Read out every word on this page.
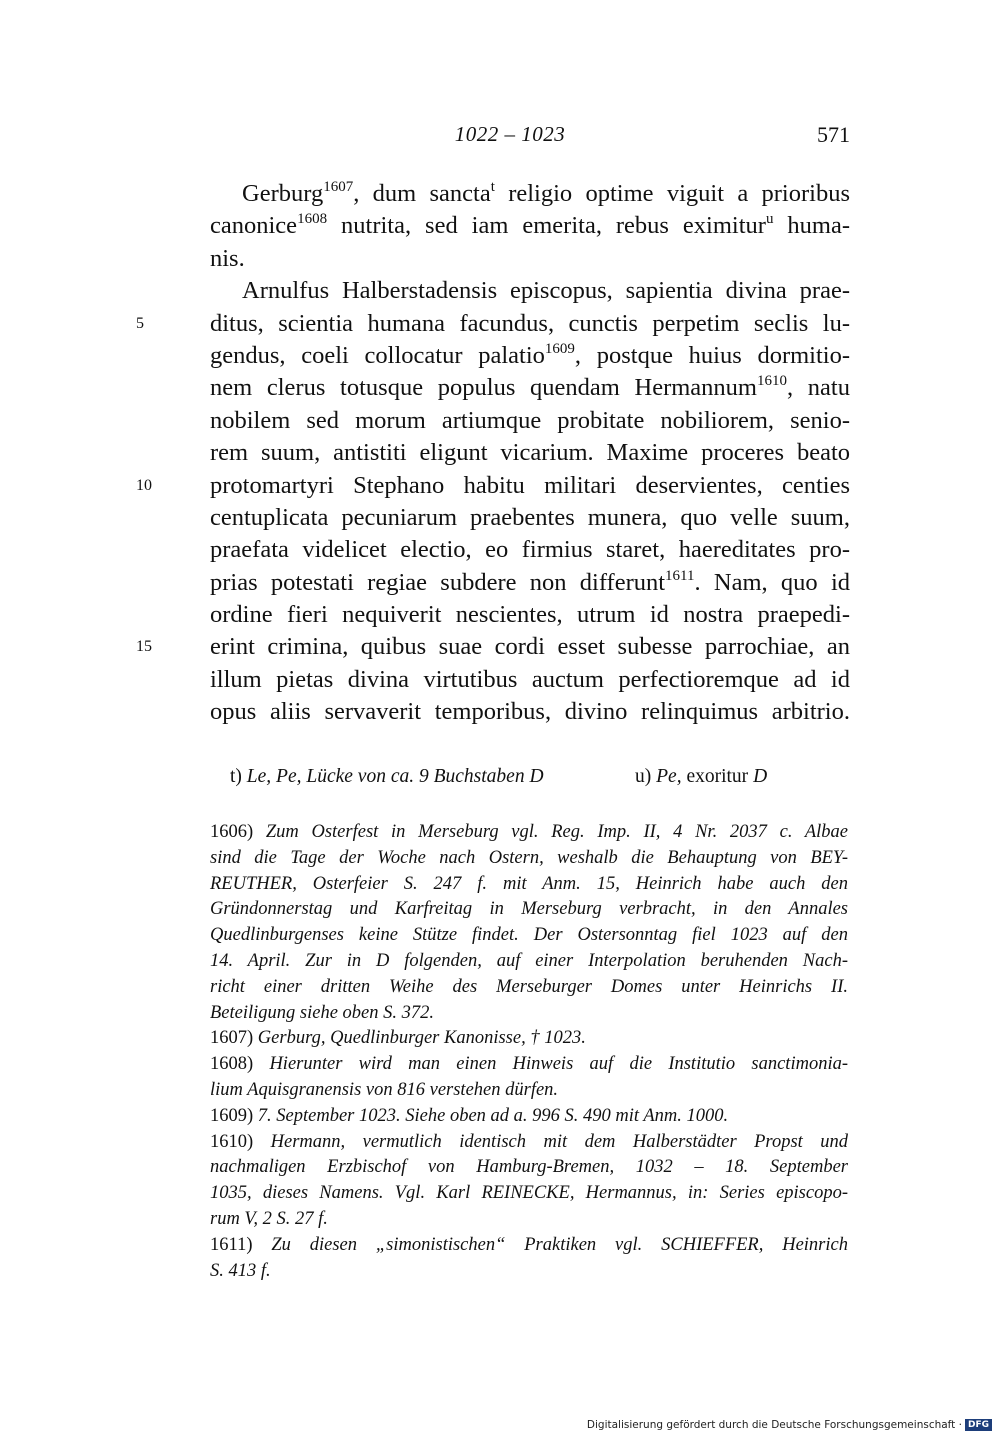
1022 – 1023	571
Gerburg$^{1607}$, dum sancta$^t$ religio optime viguit a prioribus
canonice$^{1608}$ nutrita, sed iam emerita, rebus eximitur$^u$ huma-
nis.
Arnulfus Halberstadensis episcopus, sapientia divina prae-
5	ditus, scientia humana facundus, cunctis perpetim seclis lu-
gendus, coeli collocatur palatio$^{1609}$, postque huius dormitio-
nem clerus totusque populus quendam Hermannum$^{1610}$, natu
nobilem sed morum artiumque probitate nobiliorem, senio-
rem suum, antistiti eligunt vicarium. Maxime proceres beato
10	protomartyri Stephano habitu militari deservientes, centies
centuplicata pecuniarum praebentes munera, quo velle suum,
praefata videlicet electio, eo firmius staret, haereditates pro-
prias potestati regiae subdere non differunt$^{1611}$. Nam, quo id
ordine fieri nequiverit nescientes, utrum id nostra praepedi-
15	erint crimina, quibus suae cordi esset subesse parrochiae, an
illum pietas divina virtutibus auctum perfectioremque ad id
opus aliis servaverit temporibus, divino relinquimus arbitrio.
t) Le, Pe, Lücke von ca. 9 Buchstaben D	u) Pe, exoritur D
1606) Zum Osterfest in Merseburg vgl. Reg. Imp. II, 4 Nr. 2037 c. Albae
sind die Tage der Woche nach Ostern, weshalb die Behauptung von BEY-
REUTHER, Osterfeier S. 247 f. mit Anm. 15, Heinrich habe auch den
Gründonnerstag und Karfreitag in Merseburg verbracht, in den Annales
Quedlinburgenses keine Stütze findet. Der Ostersonntag fiel 1023 auf den
14. April. Zur in D folgenden, auf einer Interpolation beruhenden Nach-
richt einer dritten Weihe des Merseburger Domes unter Heinrichs II.
Beteiligung siehe oben S. 372.
1607) Gerburg, Quedlinburger Kanonisse, † 1023.
1608) Hierunter wird man einen Hinweis auf die Institutio sanctimonia-
lium Aquisgranensis von 816 verstehen dürfen.
1609) 7. September 1023. Siehe oben ad a. 996 S. 490 mit Anm. 1000.
1610) Hermann, vermutlich identisch mit dem Halberstädter Propst und
nachmaligen Erzbischof von Hamburg-Bremen, 1032 – 18. September
1035, dieses Namens. Vgl. Karl REINECKE, Hermannus, in: Series episcopo-
rum V, 2 S. 27 f.
1611) Zu diesen „simonistischen“ Praktiken vgl. SCHIEFFER, Heinrich
S. 413 f.
Digitalisierung gefördert durch die Deutsche Forschungsgemeinschaft · DFG
